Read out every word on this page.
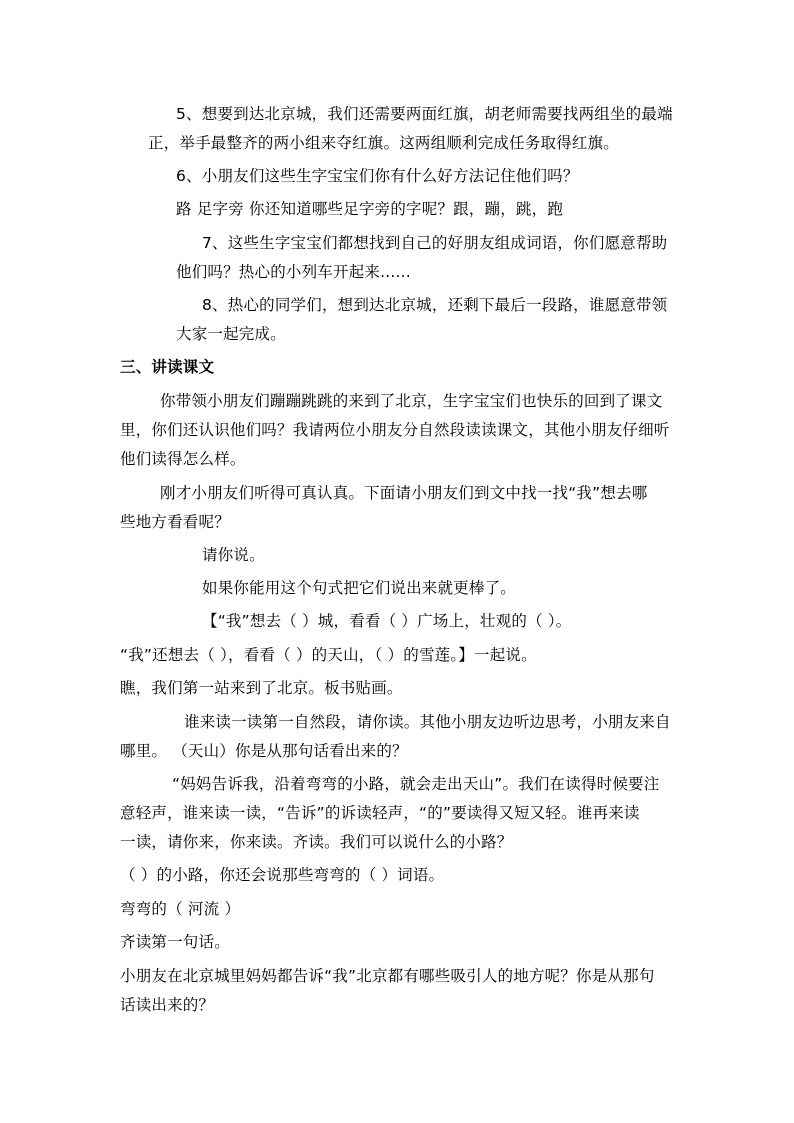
5、想要到达北京城，我们还需要两面红旗，胡老师需要找两组坐的最端
正，举手最整齐的两小组来夺红旗。这两组顺利完成任务取得红旗。
6、小朋友们这些生字宝宝们你有什么好方法记住他们吗？
路 足字旁 你还知道哪些足字旁的字呢？跟，蹦，跳，跑
7、这些生字宝宝们都想找到自己的好朋友组成词语，你们愿意帮助
他们吗？热心的小列车开起来......
8、热心的同学们，想到达北京城，还剩下最后一段路，谁愿意带领
大家一起完成。
三、讲读课文
你带领小朋友们蹦蹦跳跳的来到了北京，生字宝宝们也快乐的回到了课文
里，你们还认识他们吗？我请两位小朋友分自然段读读课文，其他小朋友仔细听
他们读得怎么样。
刚才小朋友们听得可真认真。下面请小朋友们到文中找一找“我”想去哪
些地方看看呢？
请你说。
如果你能用这个句式把它们说出来就更棒了。
【“我”想去（ ）城，看看（ ）广场上，壮观的（ ）。
“我”还想去（ ），看看（ ）的天山，（ ）的雪莲。】一起说。
瞧，我们第一站来到了北京。板书贴画。
谁来读一读第一自然段，请你读。其他小朋友边听边思考，小朋友来自
哪里。 （天山）你是从那句话看出来的？
“妈妈告诉我，沿着弯弯的小路，就会走出天山”。我们在读得时候要注
意轻声，谁来读一读，“告诉”的诉读轻声，“的”要读得又短又轻。谁再来读
一读，请你来，你来读。齐读。我们可以说什么的小路？
（ ）的小路，你还会说那些弯弯的（ ）词语。
弯弯的（ 河流 ）
齐读第一句话。
小朋友在北京城里妈妈都告诉“我”北京都有哪些吸引人的地方呢？你是从那句
话读出来的？
